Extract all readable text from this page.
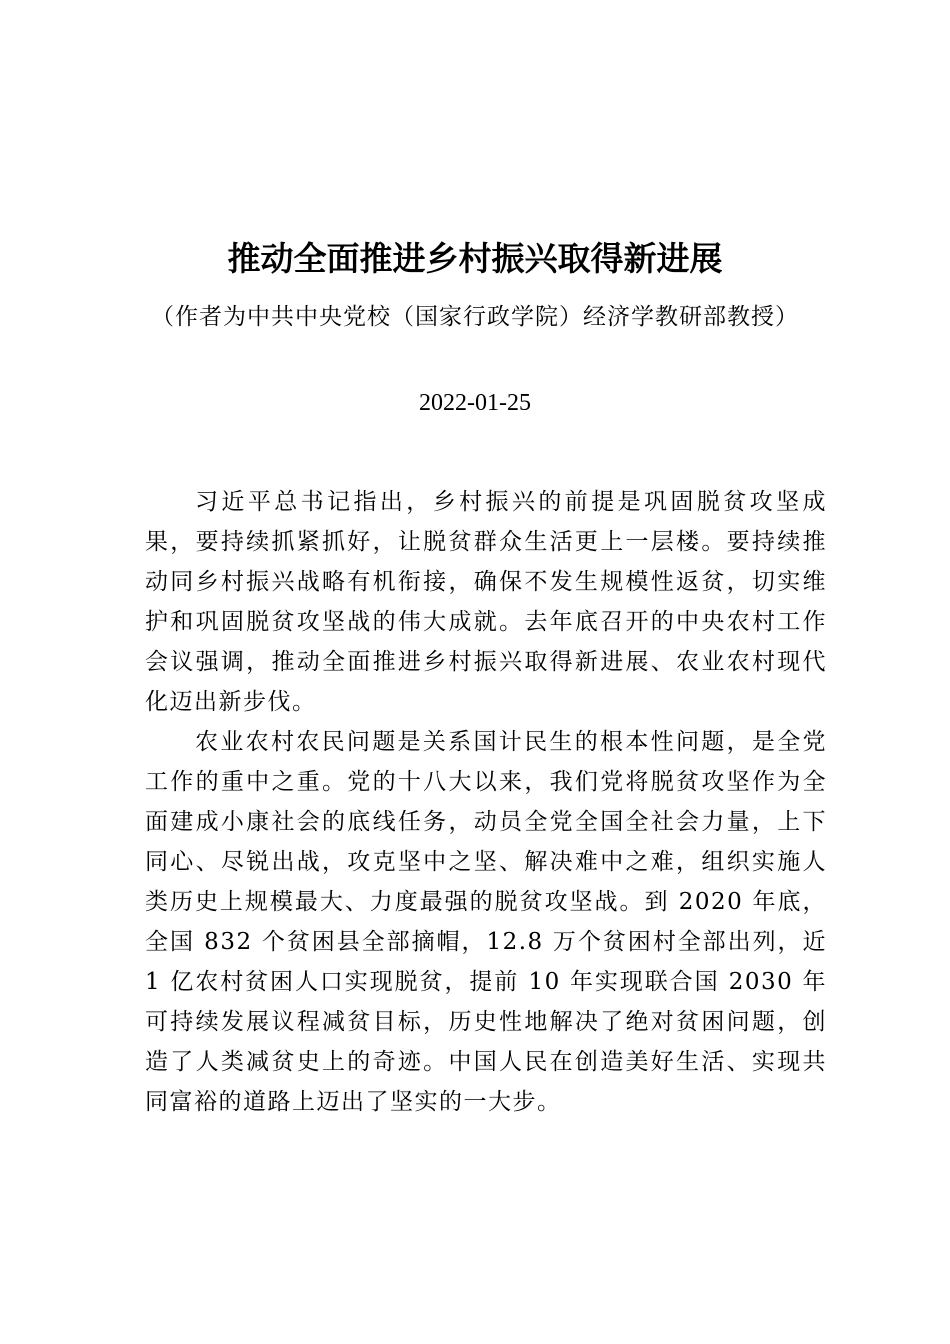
推动全面推进乡村振兴取得新进展
（作者为中共中央党校（国家行政学院）经济学教研部教授）
2022-01-25

习近平总书记指出，乡村振兴的前提是巩固脱贫攻坚成果，要持续抓紧抓好，让脱贫群众生活更上一层楼。要持续推动同乡村振兴战略有机衔接，确保不发生规模性返贫，切实维护和巩固脱贫攻坚战的伟大成就。去年底召开的中央农村工作会议强调，推动全面推进乡村振兴取得新进展、农业农村现代化迈出新步伐。

农业农村农民问题是关系国计民生的根本性问题，是全党工作的重中之重。党的十八大以来，我们党将脱贫攻坚作为全面建成小康社会的底线任务，动员全党全国全社会力量，上下同心、尽锐出战，攻克坚中之坚、解决难中之难，组织实施人类历史上规模最大、力度最强的脱贫攻坚战。到 2020 年底，全国 832 个贫困县全部摘帽，12.8 万个贫困村全部出列，近 1 亿农村贫困人口实现脱贫，提前 10 年实现联合国 2030 年可持续发展议程减贫目标，历史性地解决了绝对贫困问题，创造了人类减贫史上的奇迹。中国人民在创造美好生活、实现共同富裕的道路上迈出了坚实的一大步。
